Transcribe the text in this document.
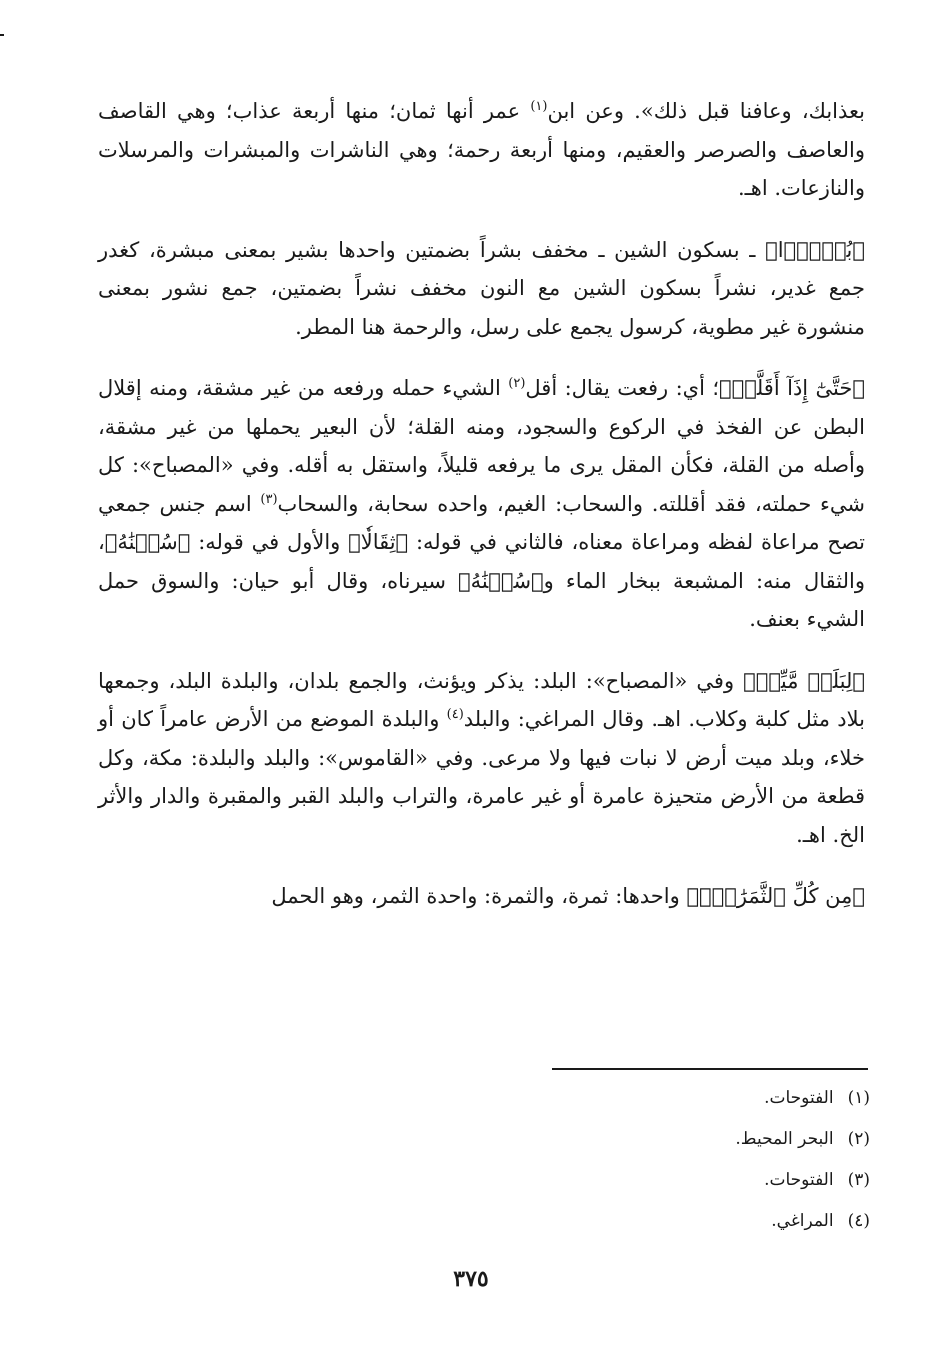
بعذابك، وعافنا قبل ذلك». وعن ابن$^{(١)}$ عمر أنها ثمان؛ منها أربعة عذاب؛ وهي القاصف والعاصف والصرصر والعقيم، ومنها أربعة رحمة؛ وهي الناشرات والمبشرات والمرسلات والنازعات. اهـ.

﴿بُشۡرًۢا﴾ ـ بسكون الشين ـ مخفف بشراً بضمتين واحدها بشير بمعنى مبشرة، كغدر جمع غدير، نشراً بسكون الشين مع النون مخفف نشراً بضمتين، جمع نشور بمعنى منشورة غير مطوية، كرسول يجمع على رسل، والرحمة هنا المطر.

﴿حَتَّىٰٓ إِذَآ أَقَلَّتۡ﴾؛ أي: رفعت يقال: أقل$^{(٢)}$ الشيء حمله ورفعه من غير مشقة، ومنه إقلال البطن عن الفخذ في الركوع والسجود، ومنه القلة؛ لأن البعير يحملها من غير مشقة، وأصله من القلة، فكأن المقل يرى ما يرفعه قليلاً، واستقل به أقله. وفي «المصباح»: كل شيء حملته، فقد أقللته. والسحاب: الغيم، واحده سحابة، والسحاب$^{(٣)}$ اسم جنس جمعي تصح مراعاة لفظه ومراعاة معناه، فالثاني في قوله: ﴿ثِقَالٗا﴾ والأول في قوله: ﴿سُقۡنَٰهُ﴾، والثقال منه: المشبعة ببخار الماء و﴿سُقۡنَٰهُ﴾ سيرناه، وقال أبو حيان: والسوق حمل الشيء بعنف.

﴿لِبَلَدٖ مَّيِّتٖ﴾ وفي «المصباح»: البلد: يذكر ويؤنث، والجمع بلدان، والبلدة البلد، وجمعها بلاد مثل كلبة وكلاب. اهـ. وقال المراغي: والبلد$^{(٤)}$ والبلدة الموضع من الأرض عامراً كان أو خلاء، وبلد ميت أرض لا نبات فيها ولا مرعى. وفي «القاموس»: والبلد والبلدة: مكة، وكل قطعة من الأرض متحيزة عامرة أو غير عامرة، والتراب والبلد القبر والمقبرة والدار والأثر الخ. اهـ.

﴿مِن كُلِّ ٱلثَّمَرَٰتِۚ﴾ واحدها: ثمرة، والثمرة: واحدة الثمر، وهو الحمل

(١)الفتوحات.
(٢)البحر المحيط.
(٣)الفتوحات.
(٤)المراغي.
٣٧٥
